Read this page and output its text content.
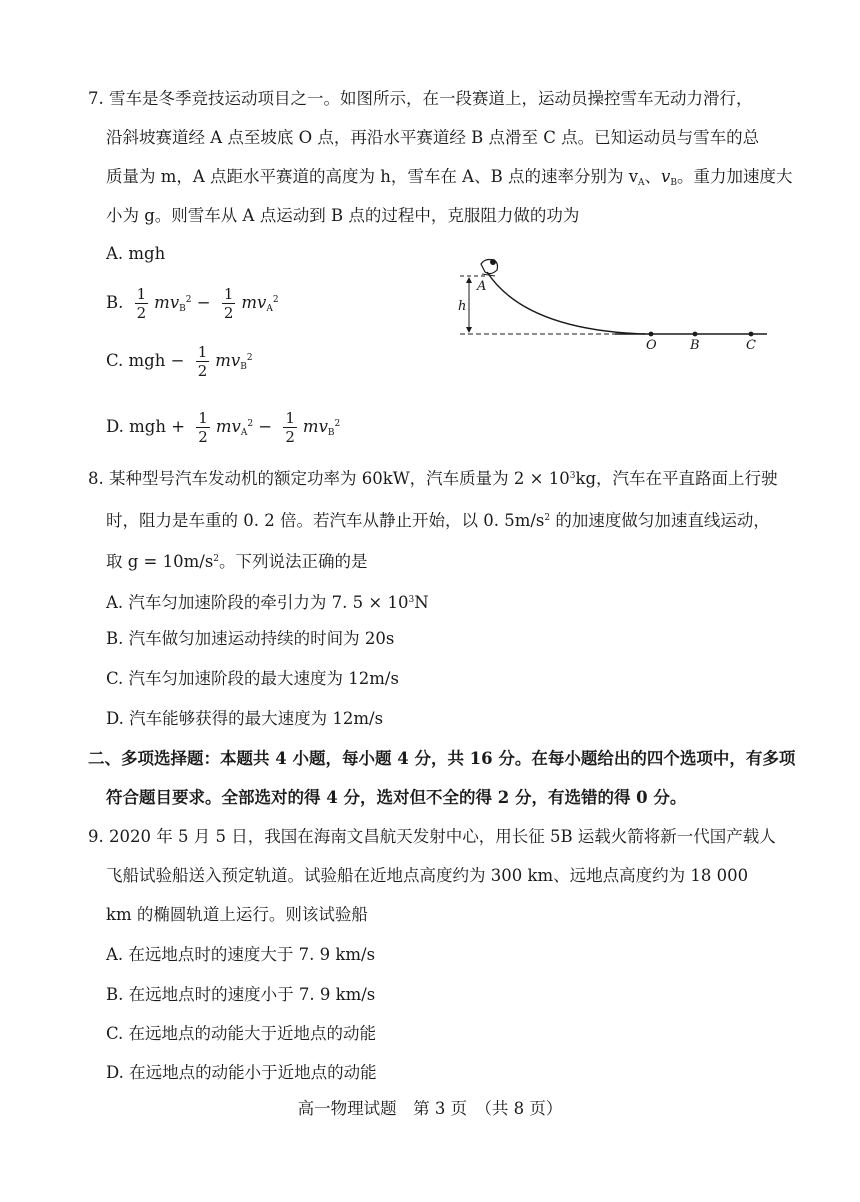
7. 雪车是冬季竞技运动项目之一。如图所示，在一段赛道上，运动员操控雪车无动力滑行，
沿斜坡赛道经 A 点至坡底 O 点，再沿水平赛道经 B 点滑至 C 点。已知运动员与雪车的总
质量为 m，A 点距水平赛道的高度为 h，雪车在 A、B 点的速率分别为 $v_A$、$v_B$。重力加速度大
小为 g。则雪车从 A 点运动到 B 点的过程中，克服阻力做的功为
A. mgh
B. $\frac{1}{2} mv_B^2 - \frac{1}{2} mv_A^2$
C. mgh − $\frac{1}{2} mv_B^2$
D. mgh + $\frac{1}{2} mv_A^2 - \frac{1}{2} mv_B^2$
A
h
O	B	C
8. 某种型号汽车发动机的额定功率为 60kW，汽车质量为 $2 \times 10^3kg$，汽车在平直路面上行驶
时，阻力是车重的 0. 2 倍。若汽车从静止开始，以 0. $5m/s^2$ 的加速度做匀加速直线运动，
取 $g = 10m/s^2$。下列说法正确的是
A. 汽车匀加速阶段的牵引力为 7. $5 \times 10^3N$
B. 汽车做匀加速运动持续的时间为 20s
C. 汽车匀加速阶段的最大速度为 12m/s
D. 汽车能够获得的最大速度为 12m/s
二、多项选择题：本题共 4 小题，每小题 4 分，共 16 分。在每小题给出的四个选项中，有多项
符合题目要求。全部选对的得 4 分，选对但不全的得 2 分，有选错的得 0 分。
9. 2020 年 5 月 5 日，我国在海南文昌航天发射中心，用长征 5B 运载火箭将新一代国产载人
飞船试验船送入预定轨道。试验船在近地点高度约为 300 km、远地点高度约为 18 000
km 的椭圆轨道上运行。则该试验船
A. 在远地点时的速度大于 7. 9 km/s
B. 在远地点时的速度小于 7. 9 km/s
C. 在远地点的动能大于近地点的动能
D. 在远地点的动能小于近地点的动能
高一物理试题　第 3 页　（共 8 页）
